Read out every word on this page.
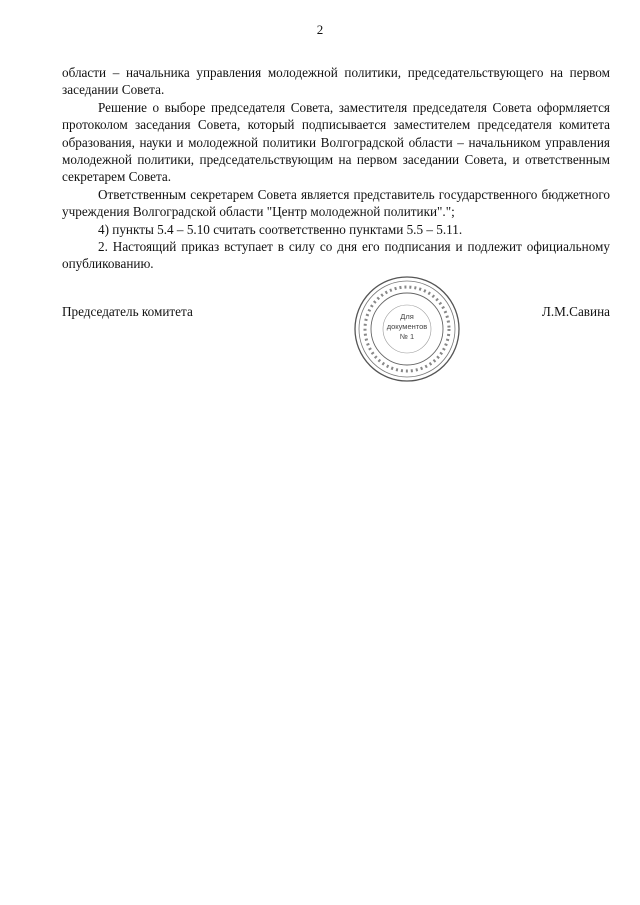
2

области – начальника управления молодежной политики, председательствующего на первом заседании Совета.

Решение о выборе председателя Совета, заместителя председателя Совета оформляется протоколом заседания Совета, который подписывается заместителем председателя комитета образования, науки и молодежной политики Волгоградской области – начальником управления молодежной политики, председательствующим на первом заседании Совета, и ответственным секретарем Совета.

Ответственным секретарем Совета является представитель государственного бюджетного учреждения Волгоградской области "Центр молодежной политики".";

4) пункты 5.4 – 5.10 считать соответственно пунктами 5.5 – 5.11.

2. Настоящий приказ вступает в силу со дня его подписания и подлежит официальному опубликованию.

Председатель комитета	Л.М.Савина
Для
документов
№ 1
